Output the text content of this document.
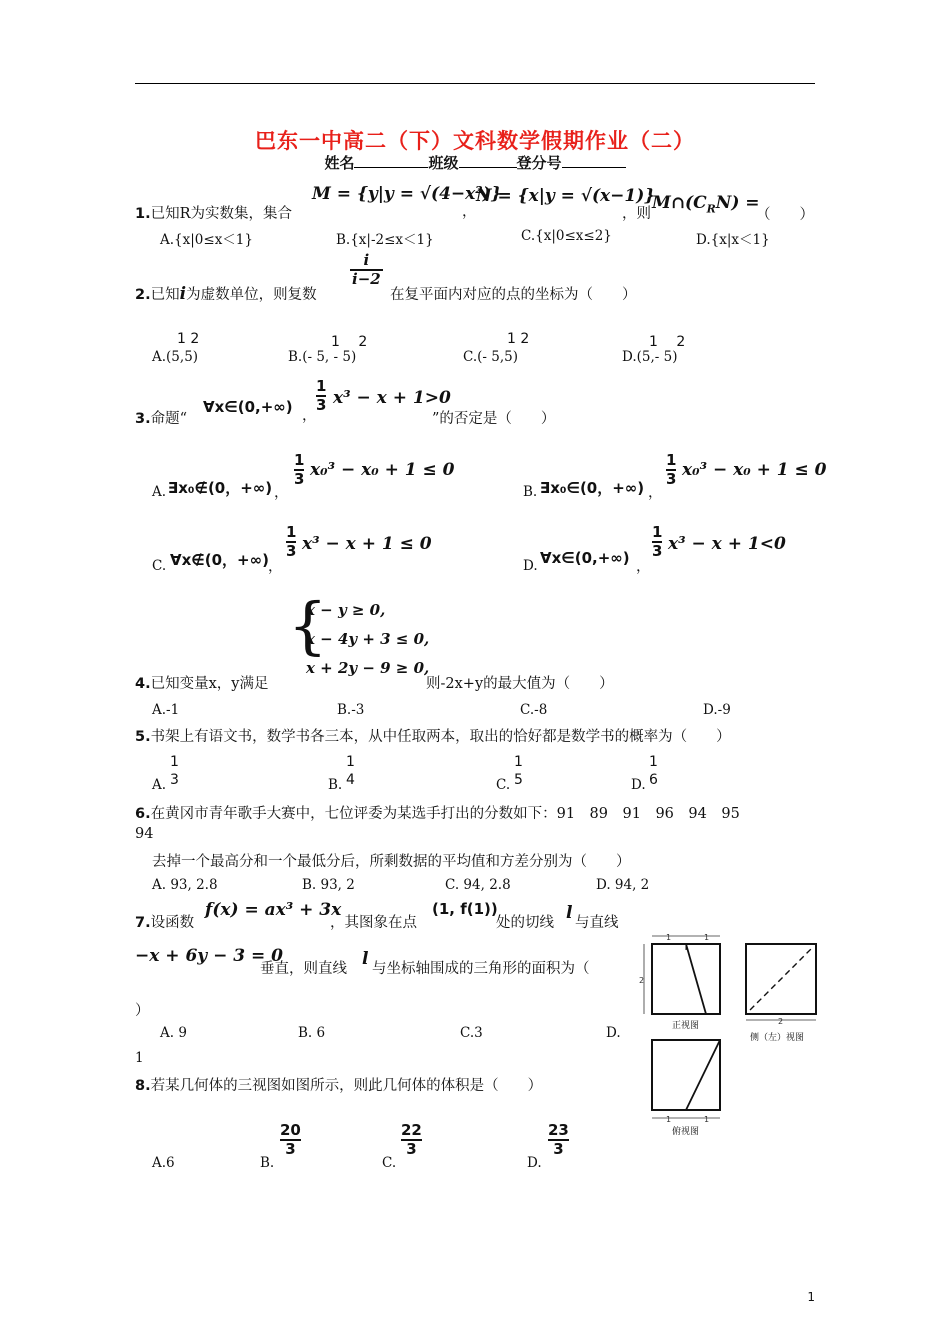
巴东一中高二（下）文科数学假期作业（二）
姓名	班级	登分号
1.已知R为实数集，集合
M = {y|y = √(4−x²)}
，
N = {x|y = √(x−1)}
，则
$M\cap(C_RN)$ =
（　　）
A.{x|0≤x＜1}	B.{x|-2≤x＜1}	C.{x|0≤x≤2}	D.{x|x＜1}
2.已知i为虚数单位，则复数
$\frac{i}{i-2}$
在复平面内对应的点的坐标为（　　）
1 2
A.(5,5)
1　 2
B.(- 5, - 5)
1 2
C.(- 5,5)
1　 2
D.(5,- 5)
3.命题“
∀x∈(0,+∞) ，
$\frac{1}{3} x^3 - x + 1>0$
”的否定是（　　）
A. ∃x₀∉(0，+∞) ，
$\frac{1}{3} x_0^3 - x_0 + 1 \le 0$
B. ∃x₀∈(0，+∞) ，
$\frac{1}{3} x_0^3 - x_0 + 1 \le 0$
C. ∀x∉(0，+∞) ，
$\frac{1}{3} x^3 - x + 1 \le 0$
D. ∀x∈(0,+∞) ，
$\frac{1}{3} x^3 - x + 1<0$
{
x − y ≥ 0,
x − 4y + 3 ≤ 0,
x + 2y − 9 ≥ 0,
4.已知变量x，y满足	则-2x+y的最大值为（　　）
A.-1	B.-3	C.-8	D.-9
5.书架上有语文书，数学书各三本，从中任取两本，取出的恰好都是数学书的概率为（　　）
A.
1
3	B.
1
4	C.
1
5	D.
1
6
6.在黄冈市青年歌手大赛中，七位评委为某选手打出的分数如下：91　89　91　96　94　95
94
去掉一个最高分和一个最低分后，所剩数据的平均值和方差分别为（　　）
A. 93, 2.8	B. 93, 2	C. 94, 2.8	D. 94, 2
7.设函数
f(x) = ax³ + 3x
，其图象在点
(1, f(1))
处的切线 l 与直线
−x + 6y − 3 = 0
垂直，则直线 l 与坐标轴围成的三角形的面积为（
）
A. 9	B. 6	C.3	D.
1
8.若某几何体的三视图如图所示，则此几何体的体积是（　　）
A.6	B.
$\frac{20}{3}$
C.
$\frac{22}{3}$
D.
$\frac{23}{3}$
1	1
2
正视图	2
侧（左）视图
1	1
俯视图
1
